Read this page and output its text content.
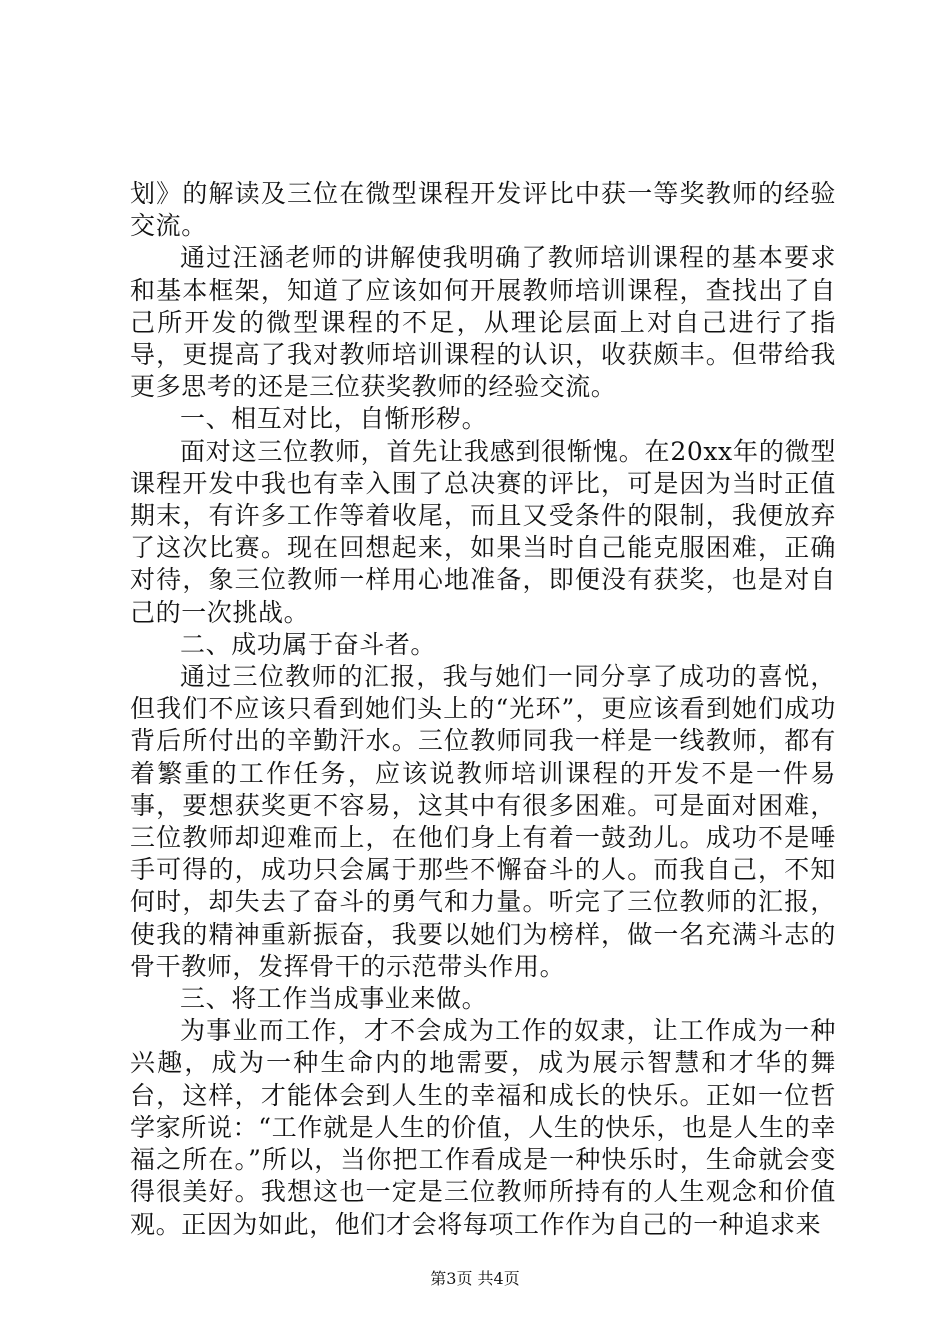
划》的解读及三位在微型课程开发评比中获一等奖教师的经验交流。

通过汪涵老师的讲解使我明确了教师培训课程的基本要求和基本框架，知道了应该如何开展教师培训课程，查找出了自己所开发的微型课程的不足，从理论层面上对自己进行了指导，更提高了我对教师培训课程的认识，收获颇丰。但带给我更多思考的还是三位获奖教师的经验交流。

一、相互对比，自惭形秽。

面对这三位教师，首先让我感到很惭愧。在20xx年的微型课程开发中我也有幸入围了总决赛的评比，可是因为当时正值期末，有许多工作等着收尾，而且又受条件的限制，我便放弃了这次比赛。现在回想起来，如果当时自己能克服困难，正确对待，象三位教师一样用心地准备，即便没有获奖，也是对自己的一次挑战。

二、成功属于奋斗者。

通过三位教师的汇报，我与她们一同分享了成功的喜悦，但我们不应该只看到她们头上的“光环”，更应该看到她们成功背后所付出的辛勤汗水。三位教师同我一样是一线教师，都有着繁重的工作任务，应该说教师培训课程的开发不是一件易事，要想获奖更不容易，这其中有很多困难。可是面对困难，三位教师却迎难而上，在他们身上有着一鼓劲儿。成功不是唾手可得的，成功只会属于那些不懈奋斗的人。而我自己，不知何时，却失去了奋斗的勇气和力量。听完了三位教师的汇报，使我的精神重新振奋，我要以她们为榜样，做一名充满斗志的骨干教师，发挥骨干的示范带头作用。

三、将工作当成事业来做。

为事业而工作，才不会成为工作的奴隶，让工作成为一种兴趣，成为一种生命内的地需要，成为展示智慧和才华的舞台，这样，才能体会到人生的幸福和成长的快乐。正如一位哲学家所说：“工作就是人生的价值，人生的快乐，也是人生的幸福之所在。”所以，当你把工作看成是一种快乐时，生命就会变得很美好。我想这也一定是三位教师所持有的人生观念和价值观。正因为如此，他们才会将每项工作作为自己的一种追求来

第3页 共4页
